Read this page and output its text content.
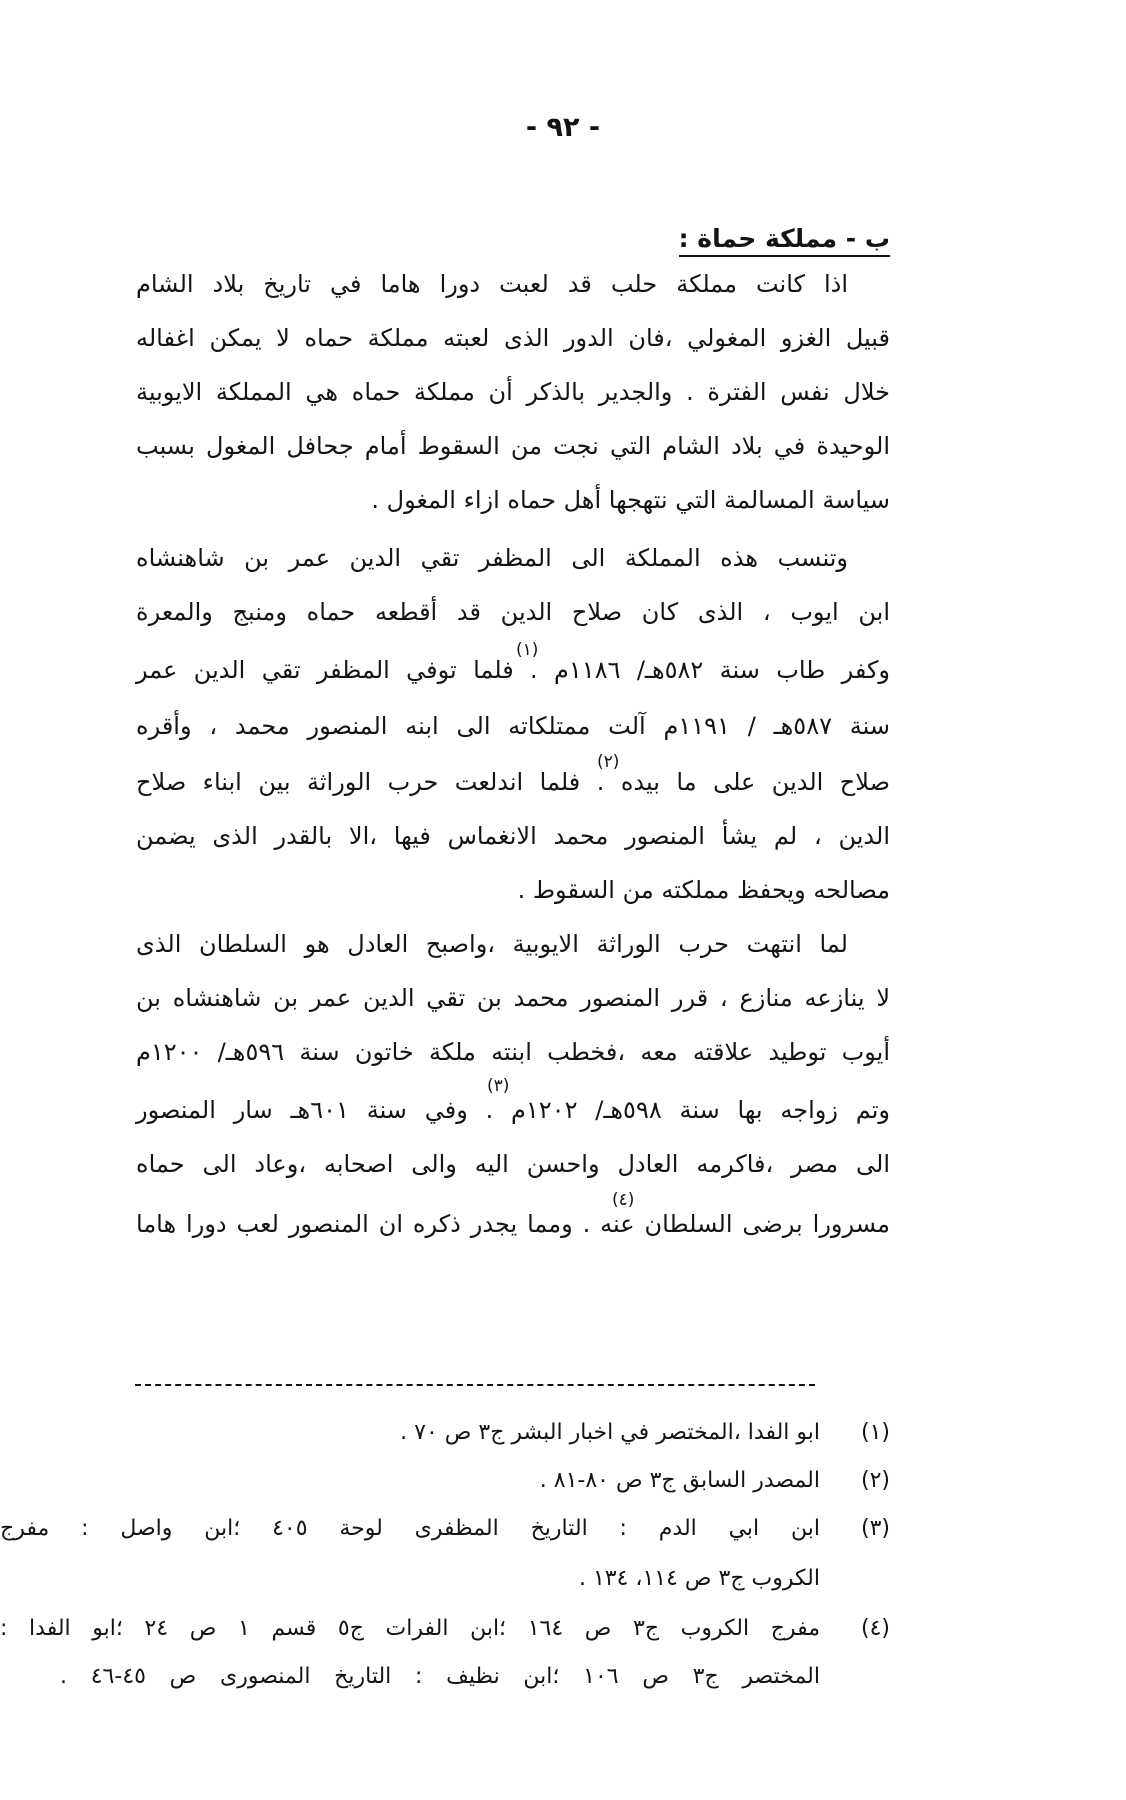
- ٩٢ -
ب - مملكة حماة :
اذا كانت مملكة حلب قد لعبت دورا هاما في تاريخ بلاد الشام
قبيل الغزو المغولي ،فان الدور الذى لعبته مملكة حماه لا يمكن اغفاله
خلال نفس الفترة . والجدير بالذكر أن مملكة حماه هي المملكة الايوبية
الوحيدة في بلاد الشام التي نجت من السقوط أمام جحافل المغول بسبب
سياسة المسالمة التي نتهجها أهل حماه ازاء المغول .
وتنسب هذه المملكة الى المظفر تقي الدين عمر بن شاهنشاه
ابن ايوب ، الذى كان صلاح الدين قد أقطعه حماه ومنبج والمعرة
وكفر طاب سنة ٥٨٢هـ/ ١١٨٦م . فلما توفي المظفر تقي الدين عمر
سنة ٥٨٧هـ / ١١٩١م آلت ممتلكاته الى ابنه المنصور محمد ، وأقره
صلاح الدين على ما بيده . فلما اندلعت حرب الوراثة بين ابناء صلاح
الدين ، لم يشأ المنصور محمد الانغماس فيها ،الا بالقدر الذى يضمن
مصالحه ويحفظ مملكته من السقوط .
لما انتهت حرب الوراثة الايوبية ،واصبح العادل هو السلطان الذى
لا ينازعه منازع ، قرر المنصور محمد بن تقي الدين عمر بن شاهنشاه بن
أيوب توطيد علاقته معه ،فخطب ابنته ملكة خاتون سنة ٥٩٦هـ/ ١٢٠٠م
وتم زواجه بها سنة ٥٩٨هـ/ ١٢٠٢م . وفي سنة ٦٠١هـ سار المنصور
الى مصر ،فاكرمه العادل واحسن اليه والى اصحابه ،وعاد الى حماه
مسرورا برضى السلطان عنه . ومما يجدر ذكره ان المنصور لعب دورا هاما
(١)
(٢)
(٣)
(٤)
(١)ابو الفدا ،المختصر في اخبار البشر ج٣ ص ٧٠ .
(٢)المصدر السابق ج٣ ص ٨٠-٨١ .
(٣)ابن ابي الدم : التاريخ المظفرى لوحة ٤٠٥ ؛ابن واصل : مفرج
الكروب ج٣ ص ١١٤، ١٣٤ .
(٤)مفرج الكروب ج٣ ص ١٦٤ ؛ابن الفرات ج٥ قسم ١ ص ٢٤ ؛ابو الفدا :
المختصر ج٣ ص ١٠٦ ؛ابن نظيف : التاريخ المنصورى ص ٤٥-٤٦ .
